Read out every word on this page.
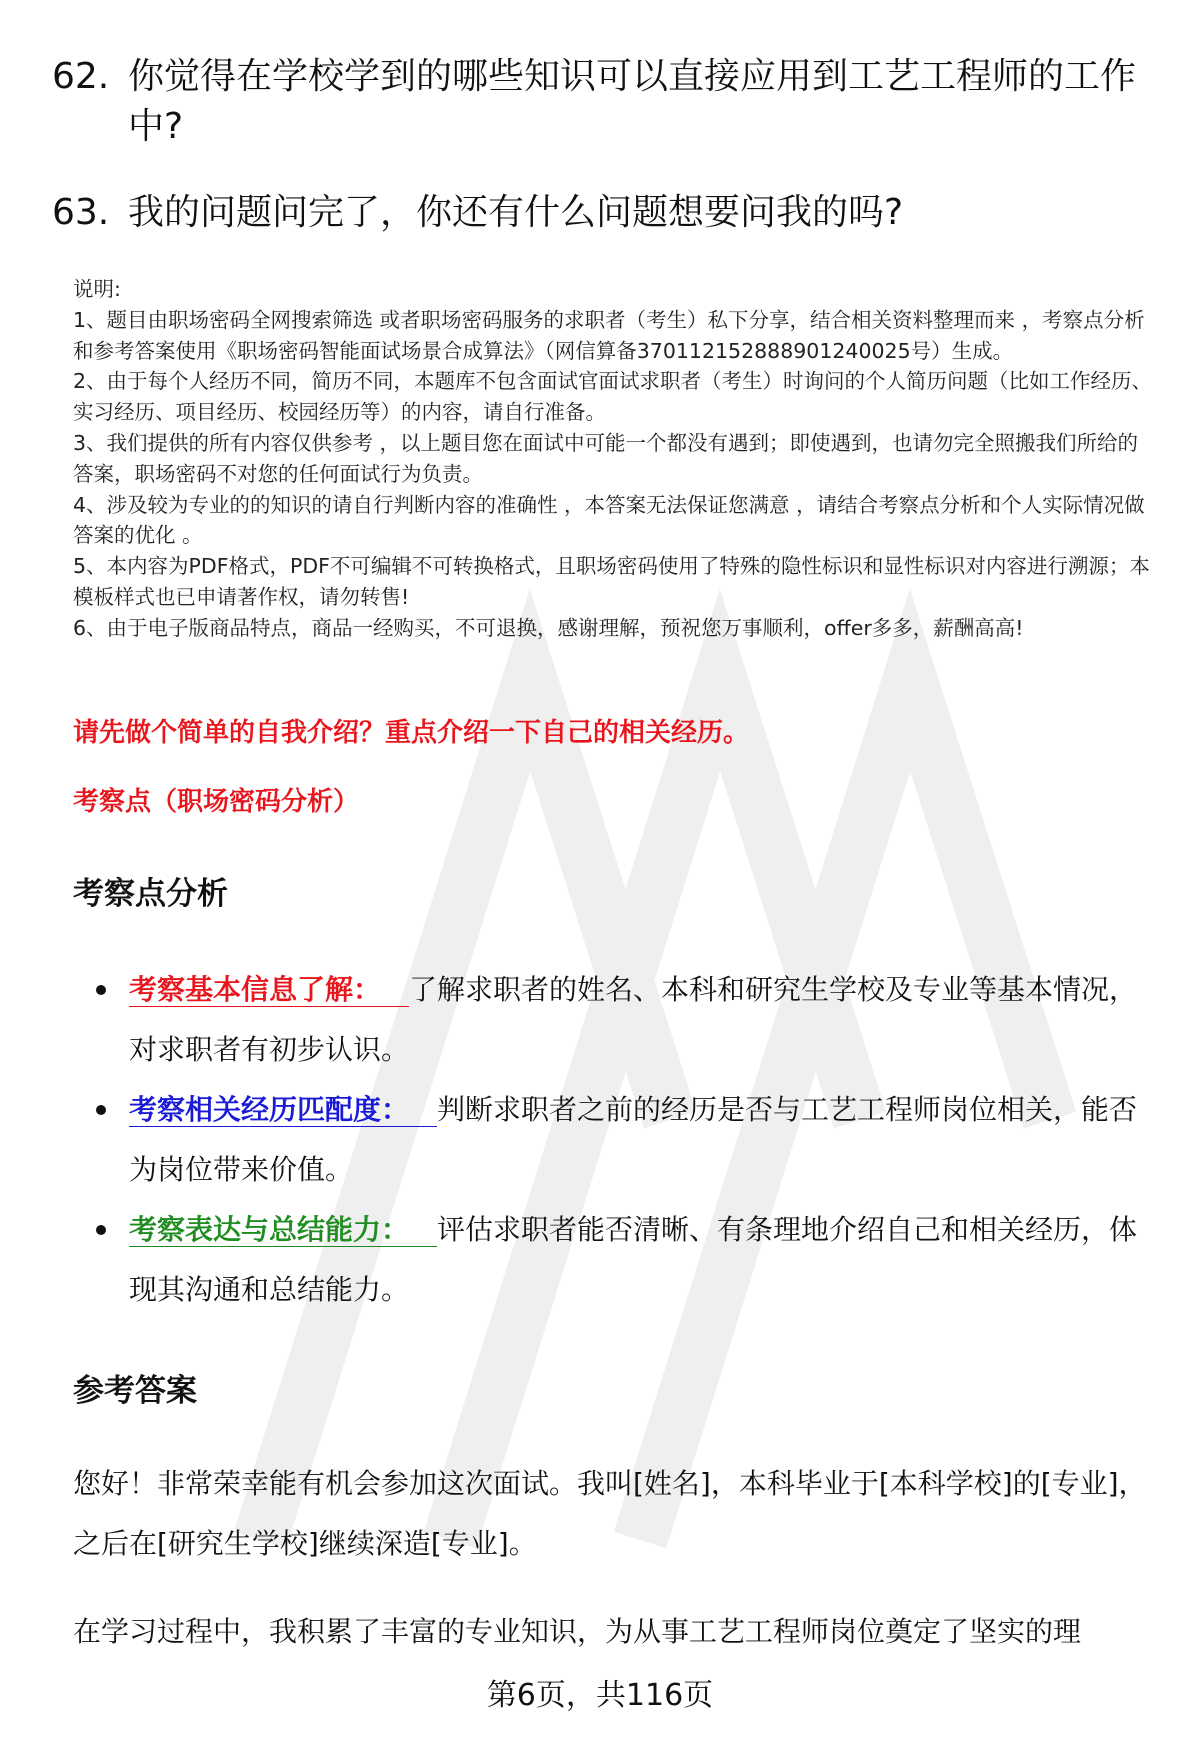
62. 你觉得在学校学到的哪些知识可以直接应用到工艺工程师的工作中?
63. 我的问题问完了，你还有什么问题想要问我的吗?

说明:

1、题目由职场密码全网搜索筛选 或者职场密码服务的求职者（考生）私下分享，结合相关资料整理而来 ，考察点分析和参考答案使用《职场密码智能面试场景合成算法》（网信算备370112152888901240025号）生成。

2、由于每个人经历不同，简历不同，本题库不包含面试官面试求职者（考生）时询问的个人简历问题（比如工作经历、实习经历、项目经历、校园经历等）的内容，请自行准备。

3、我们提供的所有内容仅供参考 ，以上题目您在面试中可能一个都没有遇到；即使遇到，也请勿完全照搬我们所给的答案，职场密码不对您的任何面试行为负责。

4、涉及较为专业的的知识的请自行判断内容的准确性 ，本答案无法保证您满意 ，请结合考察点分析和个人实际情况做答案的优化 。

5、本内容为PDF格式，PDF不可编辑不可转换格式，且职场密码使用了特殊的隐性标识和显性标识对内容进行溯源；本模板样式也已申请著作权，请勿转售!

6、由于电子版商品特点，商品一经购买，不可退换，感谢理解，预祝您万事顺利，offer多多，薪酬高高!

请先做个简单的自我介绍？重点介绍一下自己的相关经历。
考察点（职场密码分析）
考察点分析
考察基本信息了解： 了解求职者的姓名、本科和研究生学校及专业等基本情况，对求职者有初步认识。
考察相关经历匹配度： 判断求职者之前的经历是否与工艺工程师岗位相关，能否为岗位带来价值。
考察表达与总结能力： 评估求职者能否清晰、有条理地介绍自己和相关经历，体现其沟通和总结能力。
参考答案

您好！非常荣幸能有机会参加这次面试。我叫[姓名]，本科毕业于[本科学校]的[专业]，之后在[研究生学校]继续深造[专业]。

在学习过程中，我积累了丰富的专业知识，为从事工艺工程师岗位奠定了坚实的理

第6页，共116页
